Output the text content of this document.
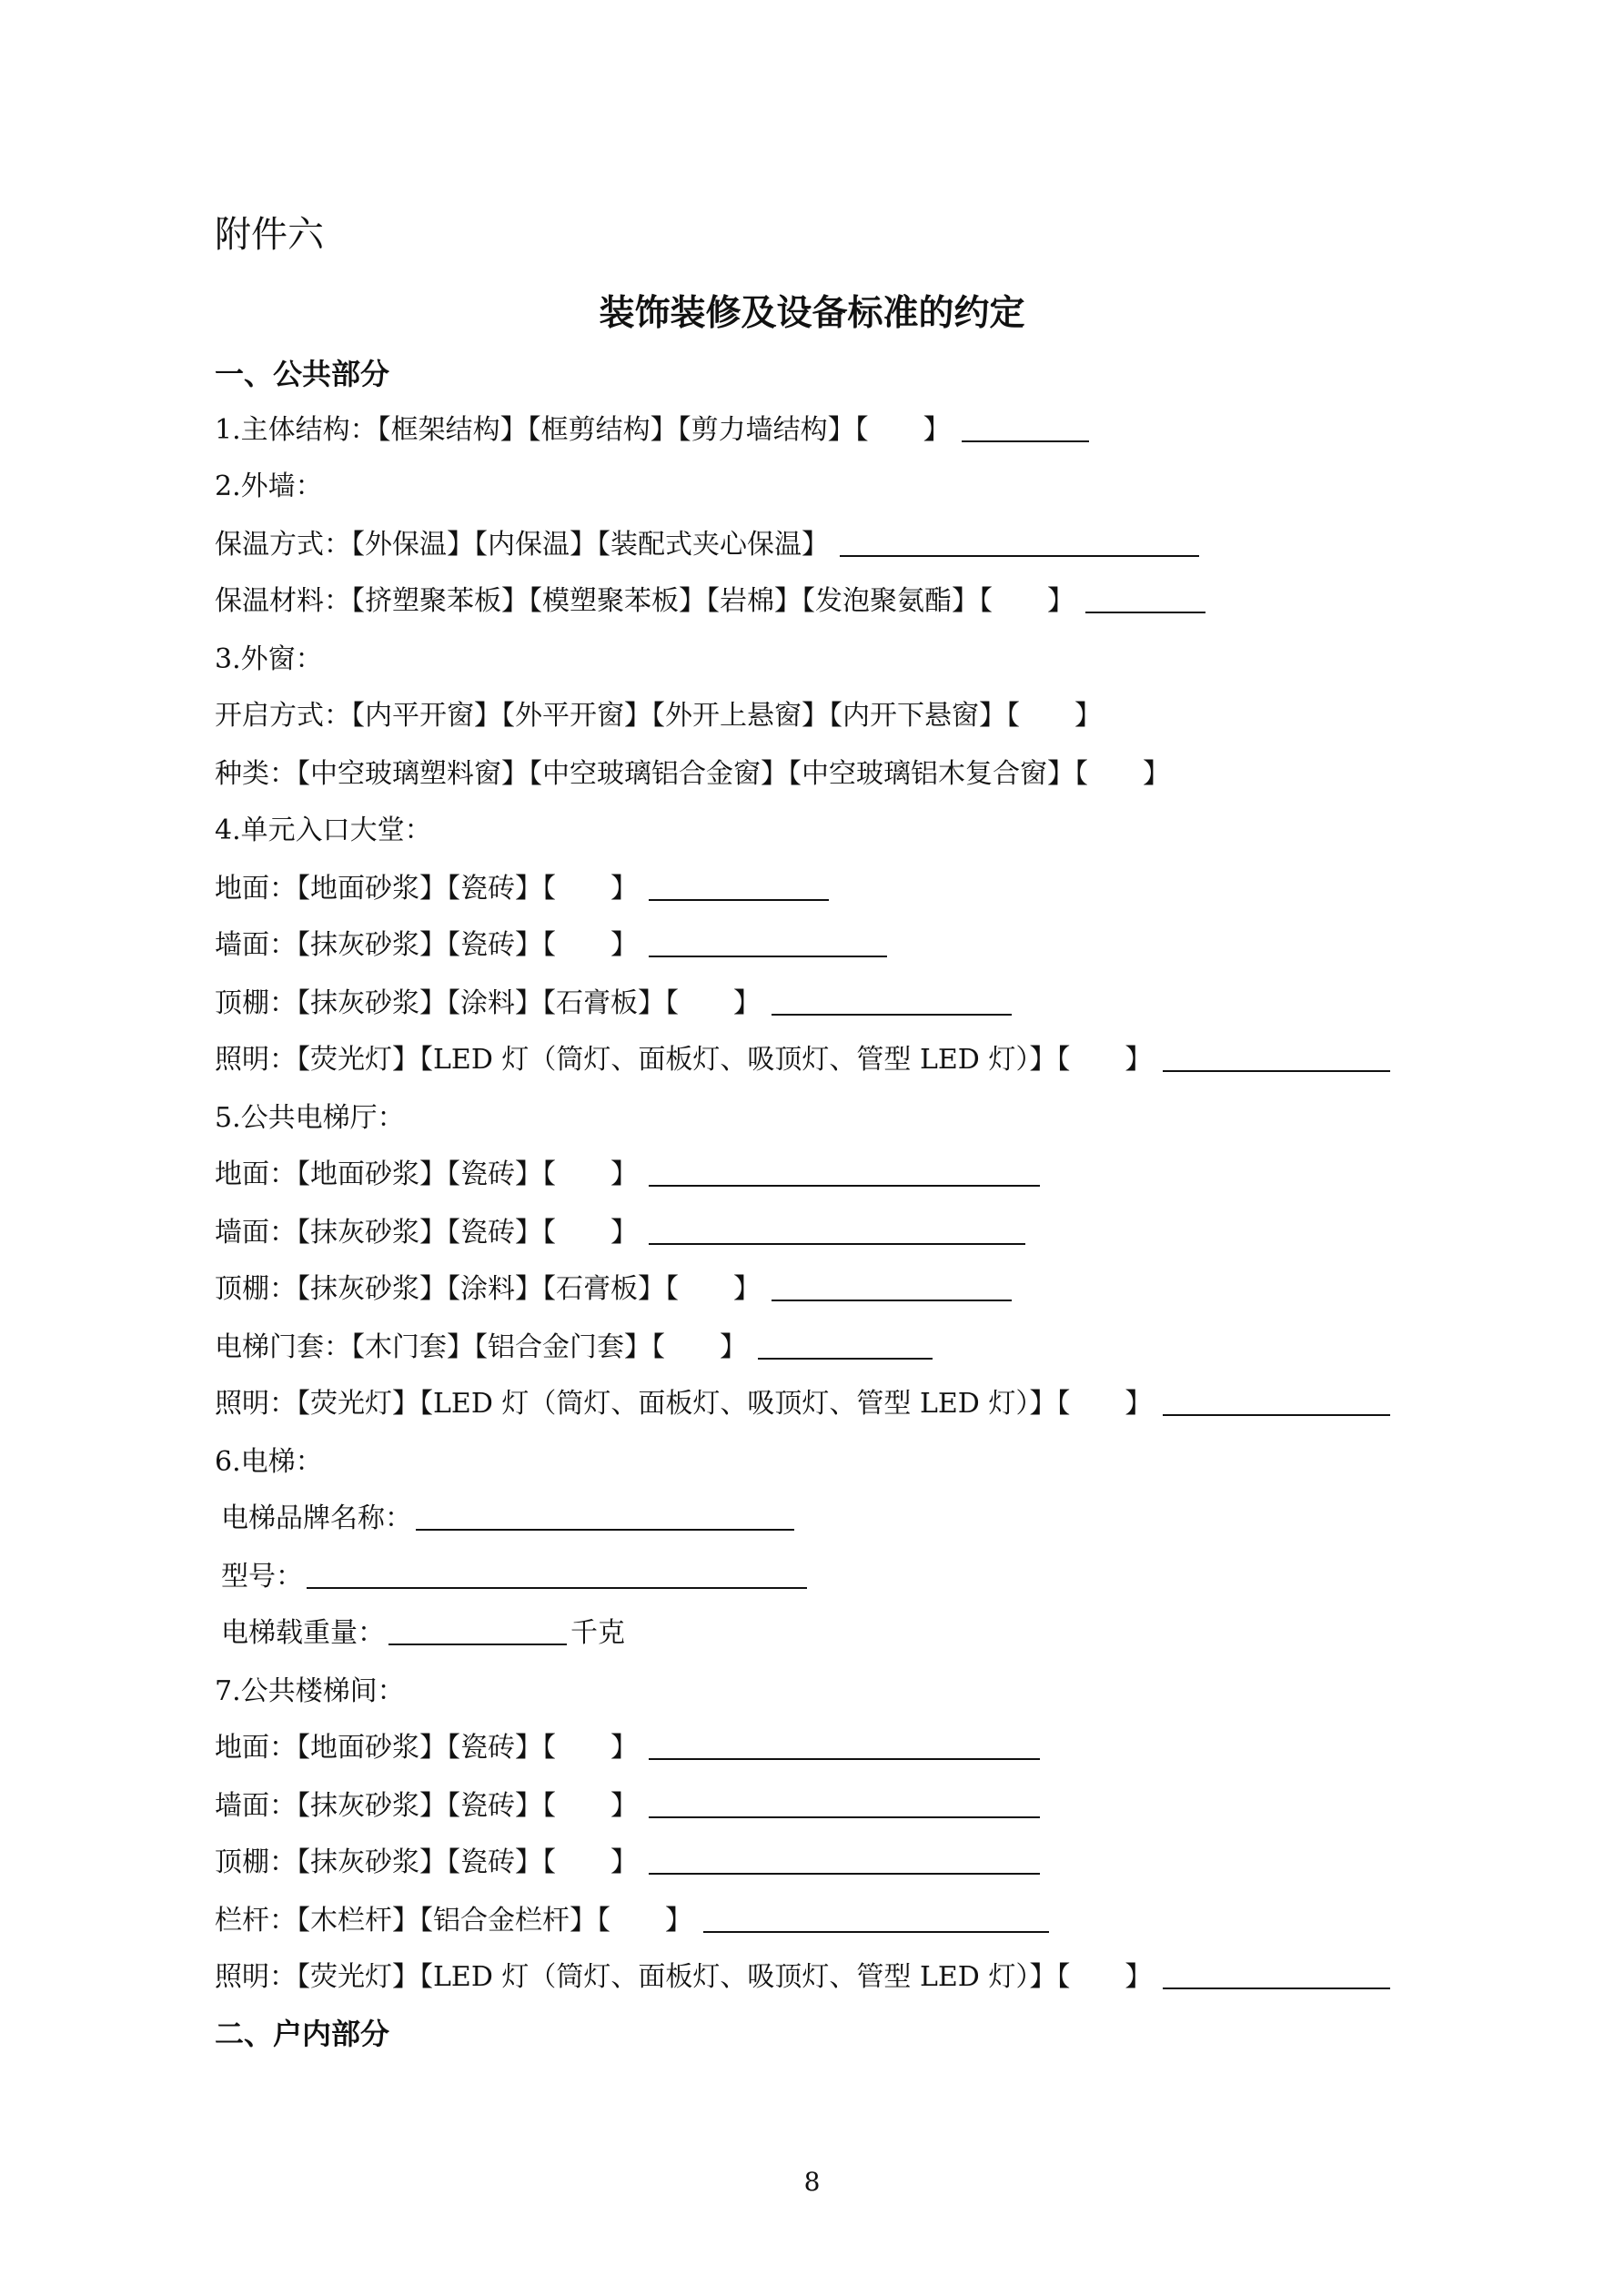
附件六
装饰装修及设备标准的约定
一、公共部分
1.主体结构：【框架结构】【框剪结构】【剪力墙结构】【　　】
2.外墙：
保温方式：【外保温】【内保温】【装配式夹心保温】
保温材料：【挤塑聚苯板】【模塑聚苯板】【岩棉】【发泡聚氨酯】【　　】
3.外窗：
开启方式：【内平开窗】【外平开窗】【外开上悬窗】【内开下悬窗】【　　】
种类：【中空玻璃塑料窗】【中空玻璃铝合金窗】【中空玻璃铝木复合窗】【　　】
4.单元入口大堂：
地面：【地面砂浆】【瓷砖】【　　】
墙面：【抹灰砂浆】【瓷砖】【　　】
顶棚：【抹灰砂浆】【涂料】【石膏板】【　　】
照明：【荧光灯】【LED 灯（筒灯、面板灯、吸顶灯、管型 LED 灯）】【　　】
5.公共电梯厅：
地面：【地面砂浆】【瓷砖】【　　】
墙面：【抹灰砂浆】【瓷砖】【　　】
顶棚：【抹灰砂浆】【涂料】【石膏板】【　　】
电梯门套：【木门套】【铝合金门套】【　　】
照明：【荧光灯】【LED 灯（筒灯、面板灯、吸顶灯、管型 LED 灯）】【　　】
6.电梯：
电梯品牌名称：
型号：
电梯载重量：	千克
7.公共楼梯间：
地面：【地面砂浆】【瓷砖】【　　】
墙面：【抹灰砂浆】【瓷砖】【　　】
顶棚：【抹灰砂浆】【瓷砖】【　　】
栏杆：【木栏杆】【铝合金栏杆】【　　】
照明：【荧光灯】【LED 灯（筒灯、面板灯、吸顶灯、管型 LED 灯）】【　　】
二、户内部分
8
